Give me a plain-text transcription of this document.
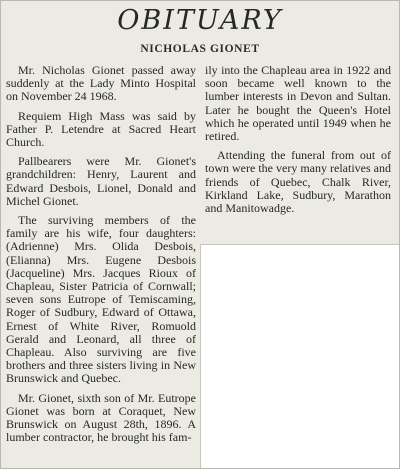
OBITUARY
NICHOLAS GIONET

Mr. Nicholas Gionet passed away suddenly at the Lady Minto Hospital on November 24 1968.

Requiem High Mass was said by Father P. Letendre at Sacred Heart Church.

Pallbearers were Mr. Gionet's grandchildren: Henry, Laurent and Edward Desbois, Lionel, Donald and Michel Gionet.

The surviving members of the family are his wife, four daughters: (Adrienne) Mrs. Olida Desbois, (Elianna) Mrs. Eugene Desbois (Jacqueline) Mrs. Jacques Rioux of Chapleau, Sister Patricia of Cornwall; seven sons Eutrope of Temiscaming, Roger of Sudbury, Edward of Ottawa, Ernest of White River, Romuold Gerald and Leonard, all three of Chapleau. Also surviving are five brothers and three sisters living in New Brunswick and Quebec.

Mr. Gionet, sixth son of Mr. Eutrope Gionet was born at Coraquet, New Brunswick on August 28th, 1896. A lumber contractor, he brought his fam-

ily into the Chapleau area in 1922 and soon became well known to the lumber interests in Devon and Sultan. Later he bought the Queen's Hotel which he operated until 1949 when he retired.

Attending the funeral from out of town were the very many relatives and friends of Quebec, Chalk River, Kirkland Lake, Sudbury, Marathon and Manitowadge.
